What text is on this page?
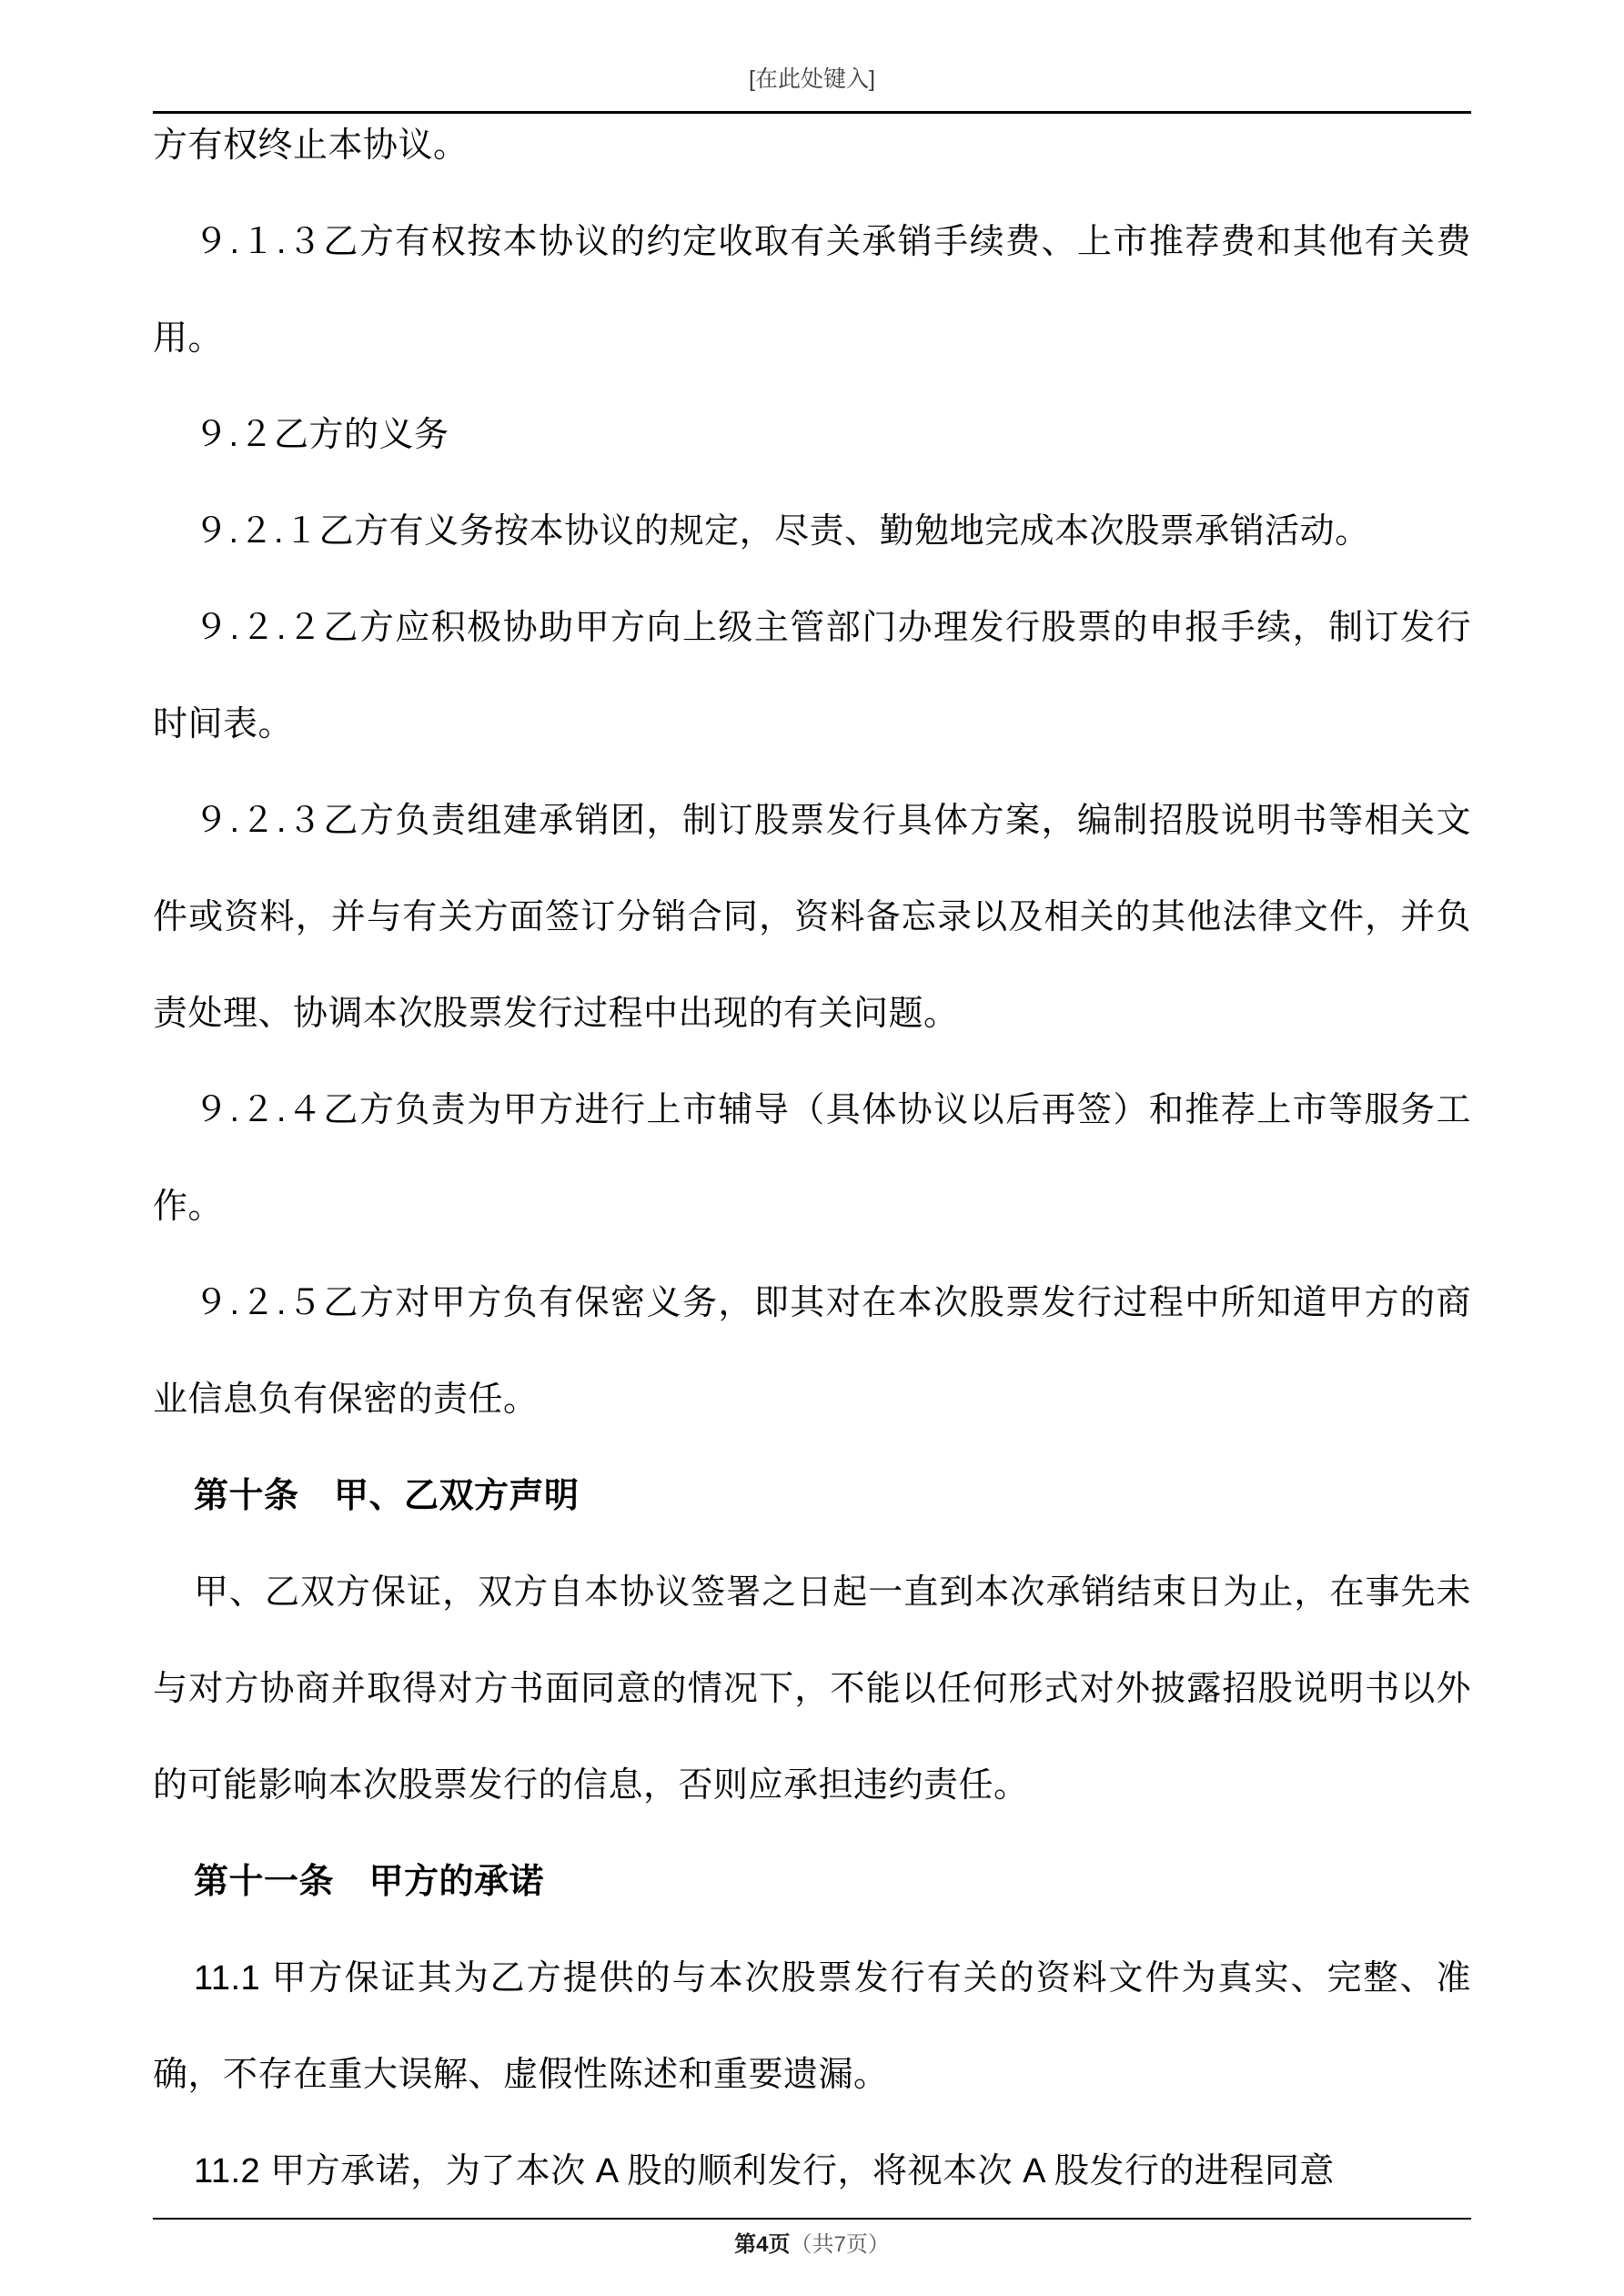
[在此处键入]

方有权终止本协议。

９.１.３乙方有权按本协议的约定收取有关承销手续费、上市推荐费和其他有关费用。

９.２乙方的义务

９.２.１乙方有义务按本协议的规定，尽责、勤勉地完成本次股票承销活动。

９.２.２乙方应积极协助甲方向上级主管部门办理发行股票的申报手续，制订发行时间表。

９.２.３乙方负责组建承销团，制订股票发行具体方案，编制招股说明书等相关文件或资料，并与有关方面签订分销合同，资料备忘录以及相关的其他法律文件，并负责处理、协调本次股票发行过程中出现的有关问题。

９.２.４乙方负责为甲方进行上市辅导（具体协议以后再签）和推荐上市等服务工作。

９.２.５乙方对甲方负有保密义务，即其对在本次股票发行过程中所知道甲方的商业信息负有保密的责任。

第十条　甲、乙双方声明

甲、乙双方保证，双方自本协议签署之日起一直到本次承销结束日为止，在事先未与对方协商并取得对方书面同意的情况下，不能以任何形式对外披露招股说明书以外的可能影响本次股票发行的信息，否则应承担违约责任。

第十一条　甲方的承诺

11.1 甲方保证其为乙方提供的与本次股票发行有关的资料文件为真实、完整、准确，不存在重大误解、虚假性陈述和重要遗漏。

11.2 甲方承诺，为了本次 A 股的顺利发行，将视本次 A 股发行的进程同意

第4页（共7页）
